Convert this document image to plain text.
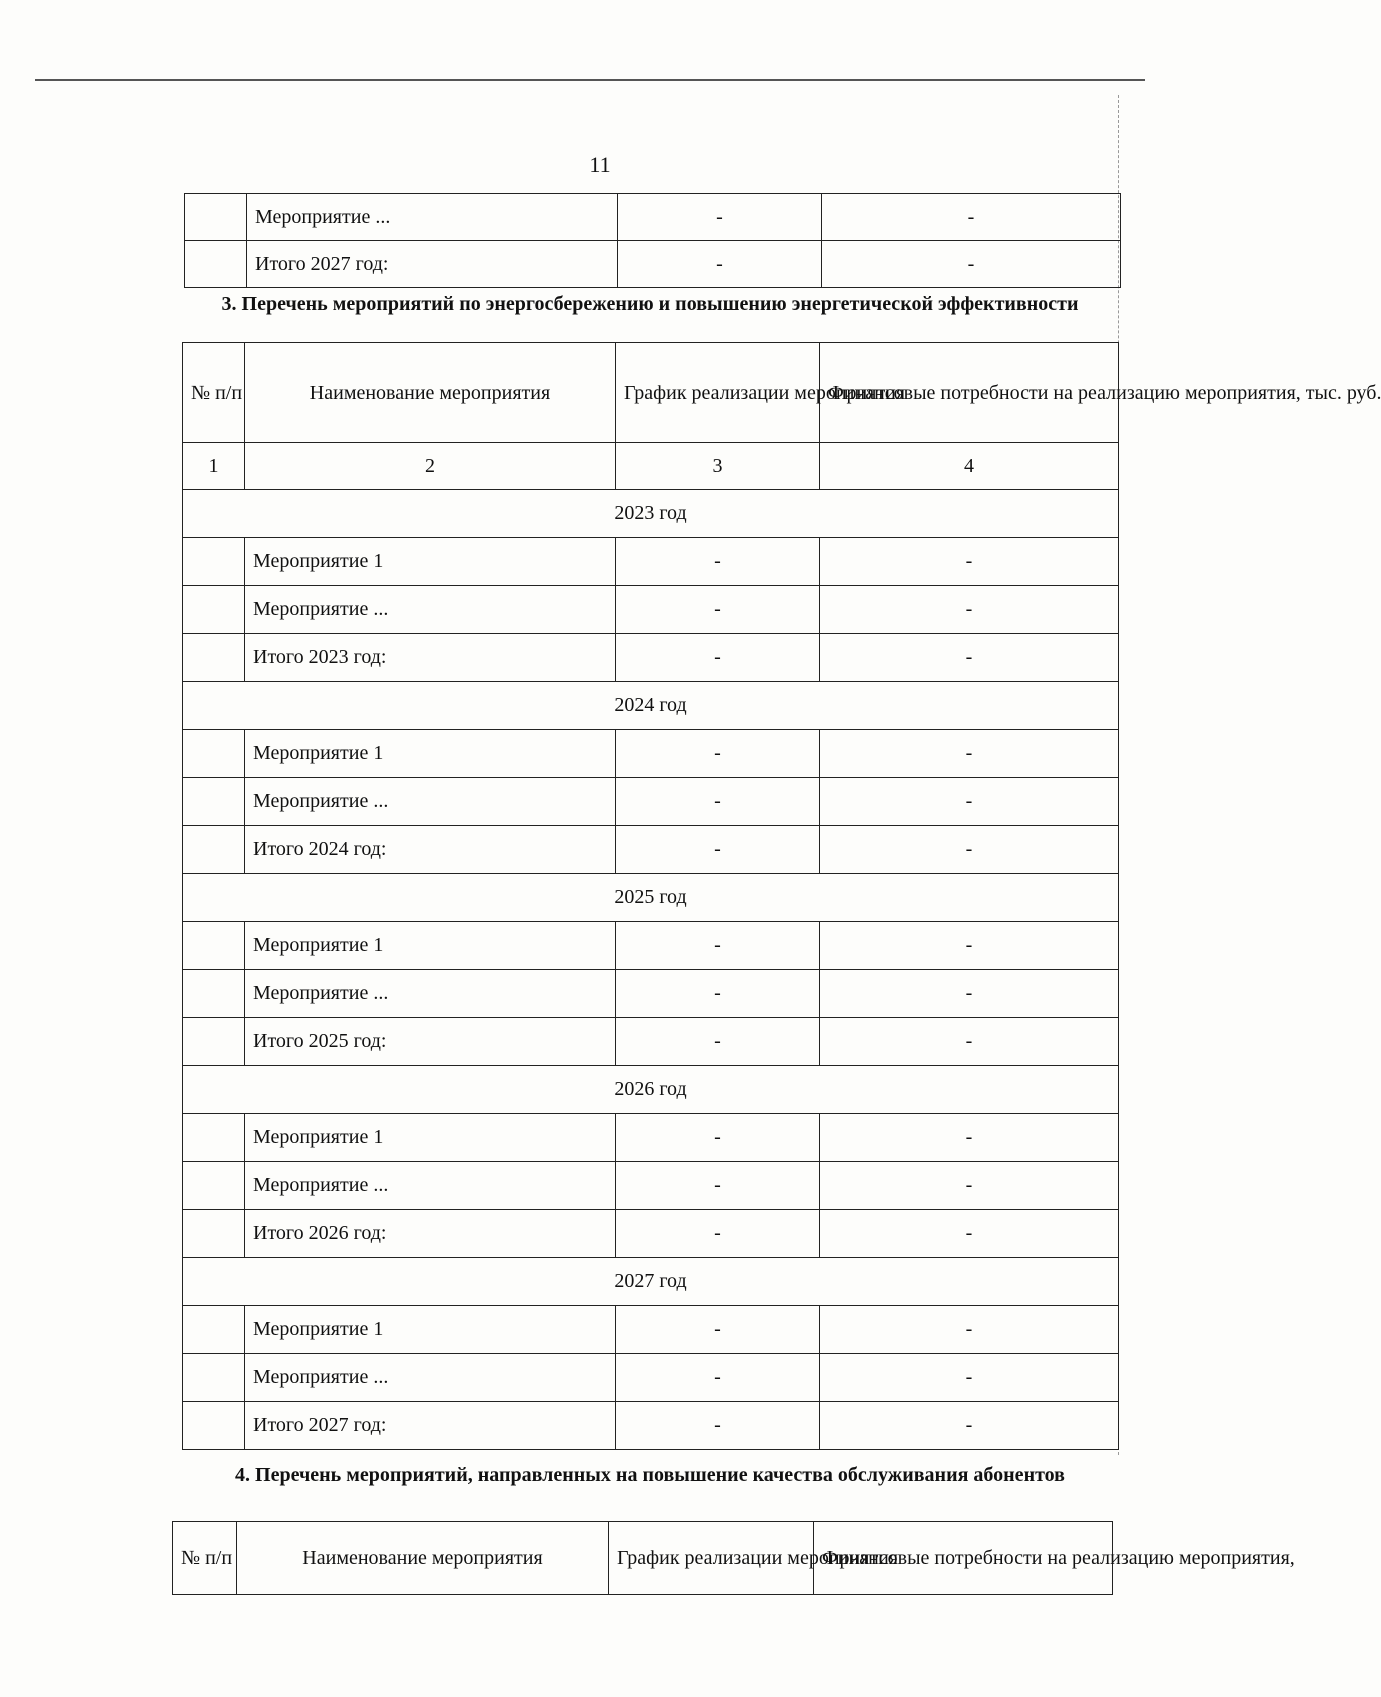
11
	Мероприятие ...	-	-
	Итого 2027 год:	-	-
3. Перечень мероприятий по энергосбережению и повышению энергетической эффективности
№ п/п	Наименование мероприятия	График реализации мероприятия	Финансовые потребности на реализацию мероприятия, тыс. руб.
1	2	3	4
2023 год			
	Мероприятие 1	-	-
	Мероприятие ...	-	-
	Итого 2023 год:	-	-
2024 год			
	Мероприятие 1	-	-
	Мероприятие ...	-	-
	Итого 2024 год:	-	-
2025 год			
	Мероприятие 1	-	-
	Мероприятие ...	-	-
	Итого 2025 год:	-	-
2026 год			
	Мероприятие 1	-	-
	Мероприятие ...	-	-
	Итого 2026 год:	-	-
2027 год			
	Мероприятие 1	-	-
	Мероприятие ...	-	-
	Итого 2027 год:	-	-
4. Перечень мероприятий, направленных на повышение качества обслуживания абонентов
№ п/п	Наименование мероприятия	График реализации мероприятия	Финансовые потребности на реализацию мероприятия,
